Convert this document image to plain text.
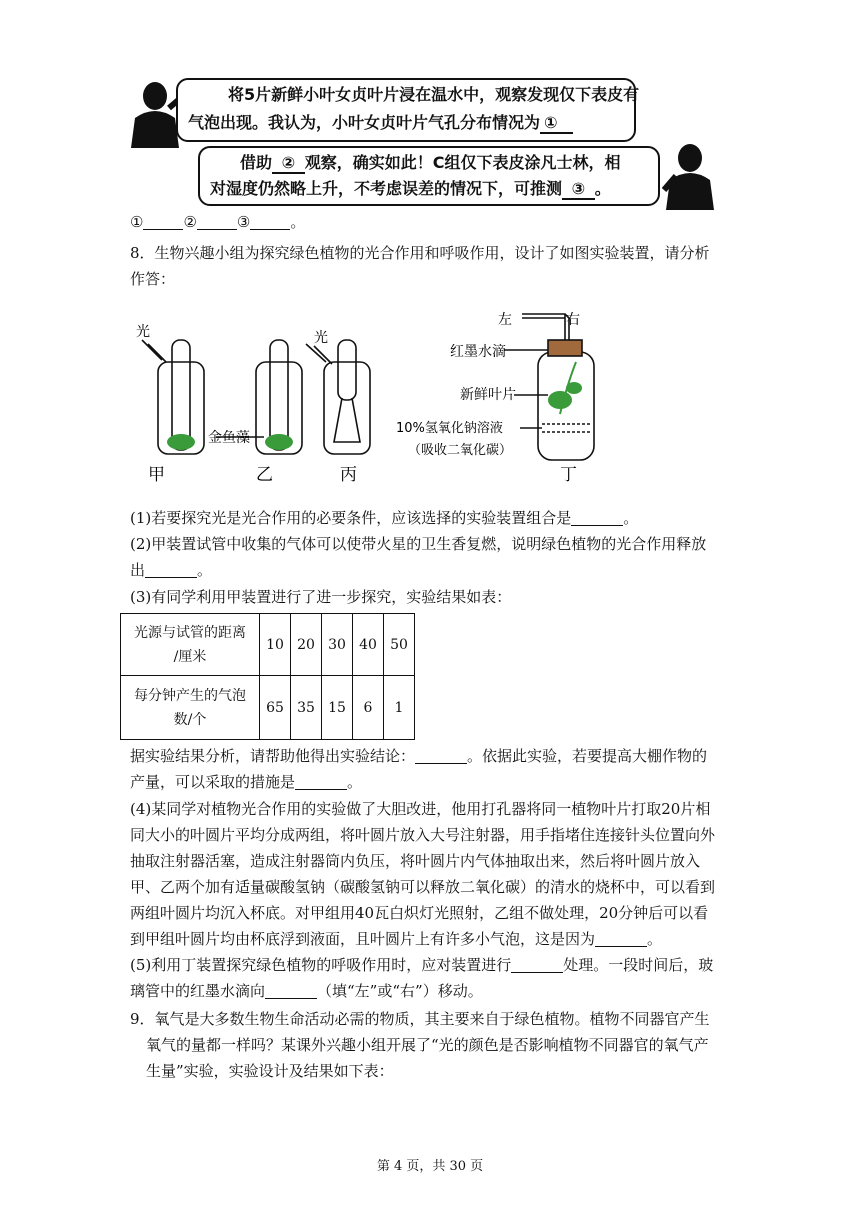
将5片新鲜小叶女贞叶片浸在温水中，观察发现仅下表皮有
气泡出现。我认为，小叶女贞叶片气孔分布情况为 ①
借助 ② 观察，确实如此！C组仅下表皮涂凡士林，相
对湿度仍然略上升，不考虑误差的情况下，可推测 ③ 。
①	②	③	。
8．生物兴趣小组为探究绿色植物的光合作用和呼吸作用，设计了如图实验装置，请分析
作答：
光	光
金鱼藻
甲	乙	丙	丁
左	右
红墨水滴
新鲜叶片
10%氢氧化钠溶液
（吸收二氧化碳）
(1)若要探究光是光合作用的必要条件，应该选择的实验装置组合是	。
(2)甲装置试管中收集的气体可以使带火星的卫生香复燃，说明绿色植物的光合作用释放
出	。
(3)有同学利用甲装置进行了进一步探究，实验结果如表：
光源与试管的距离
/厘米	10	20	30	40	50
每分钟产生的气泡
数/个	65	35	15	6	1
据实验结果分析，请帮助他得出实验结论：	。依据此实验，若要提高大棚作物的
产量，可以采取的措施是	。
(4)某同学对植物光合作用的实验做了大胆改进，他用打孔器将同一植物叶片打取20片相
同大小的叶圆片平均分成两组，将叶圆片放入大号注射器，用手指堵住连接针头位置向外
抽取注射器活塞，造成注射器筒内负压，将叶圆片内气体抽取出来，然后将叶圆片放入
甲、乙两个加有适量碳酸氢钠（碳酸氢钠可以释放二氧化碳）的清水的烧杯中，可以看到
两组叶圆片均沉入杯底。对甲组用40瓦白炽灯光照射，乙组不做处理，20分钟后可以看
到甲组叶圆片均由杯底浮到液面，且叶圆片上有许多小气泡，这是因为	。
(5)利用丁装置探究绿色植物的呼吸作用时，应对装置进行	处理。一段时间后，玻
璃管中的红墨水滴向	（填“左”或“右”）移动。
9．氧气是大多数生物生命活动必需的物质，其主要来自于绿色植物。植物不同器官产生
氧气的量都一样吗？某课外兴趣小组开展了“光的颜色是否影响植物不同器官的氧气产
生量”实验，实验设计及结果如下表：
第 4 页，共 30 页
